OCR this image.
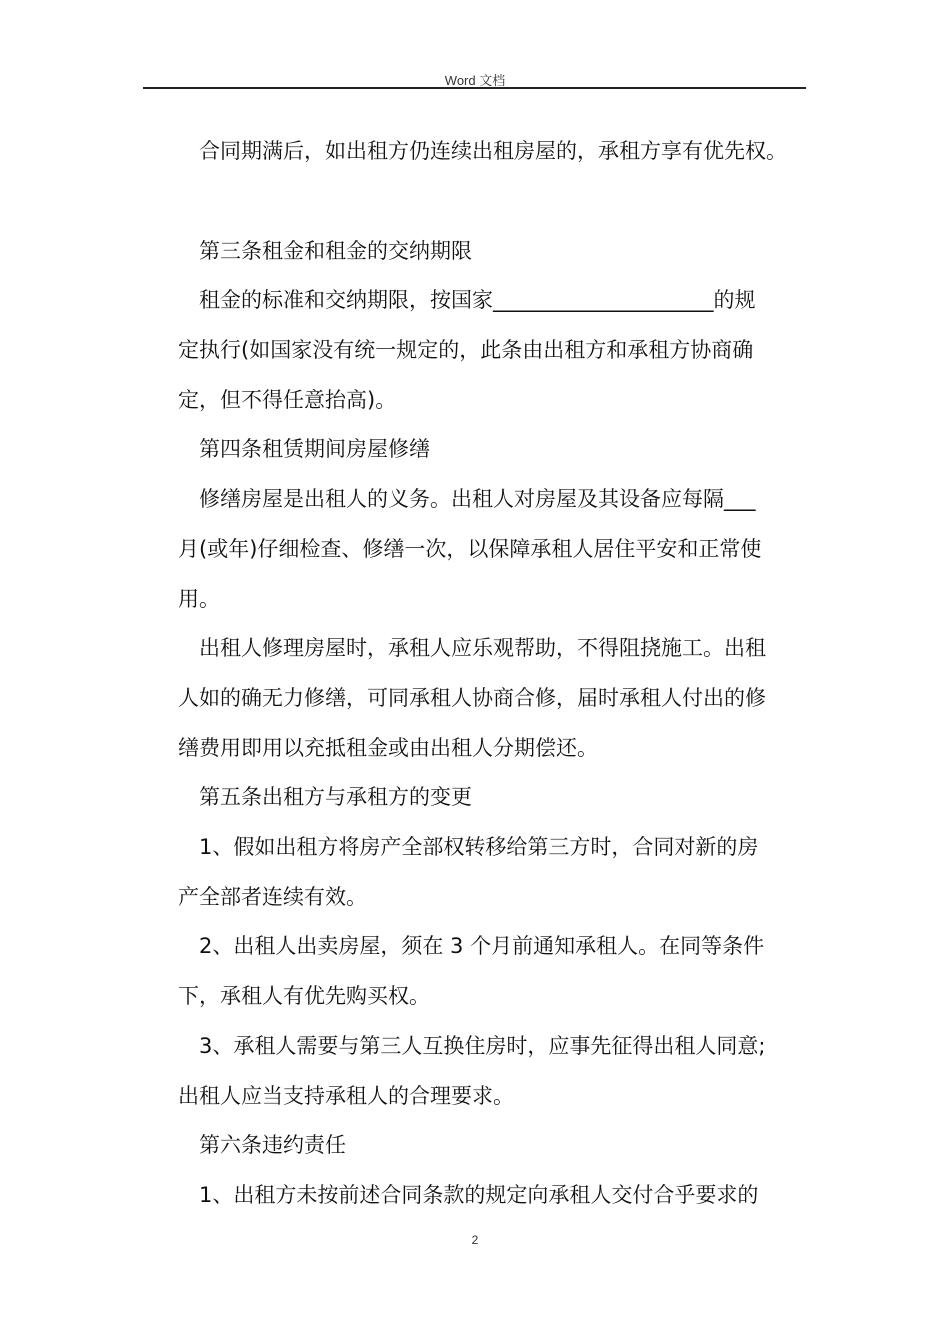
Word 文档
合同期满后，如出租方仍连续出租房屋的，承租方享有优先权。
第三条租金和租金的交纳期限
租金的标准和交纳期限，按国家_____________________的规
定执行(如国家没有统一规定的，此条由出租方和承租方协商确
定，但不得任意抬高)。
第四条租赁期间房屋修缮
修缮房屋是出租人的义务。出租人对房屋及其设备应每隔___
月(或年)仔细检查、修缮一次，以保障承租人居住平安和正常使
用。
出租人修理房屋时，承租人应乐观帮助，不得阻挠施工。出租
人如的确无力修缮，可同承租人协商合修，届时承租人付出的修
缮费用即用以充抵租金或由出租人分期偿还。
第五条出租方与承租方的变更
1、假如出租方将房产全部权转移给第三方时，合同对新的房
产全部者连续有效。
2、出租人出卖房屋，须在 3 个月前通知承租人。在同等条件
下，承租人有优先购买权。
3、承租人需要与第三人互换住房时，应事先征得出租人同意;
出租人应当支持承租人的合理要求。
第六条违约责任
1、出租方未按前述合同条款的规定向承租人交付合乎要求的
2
